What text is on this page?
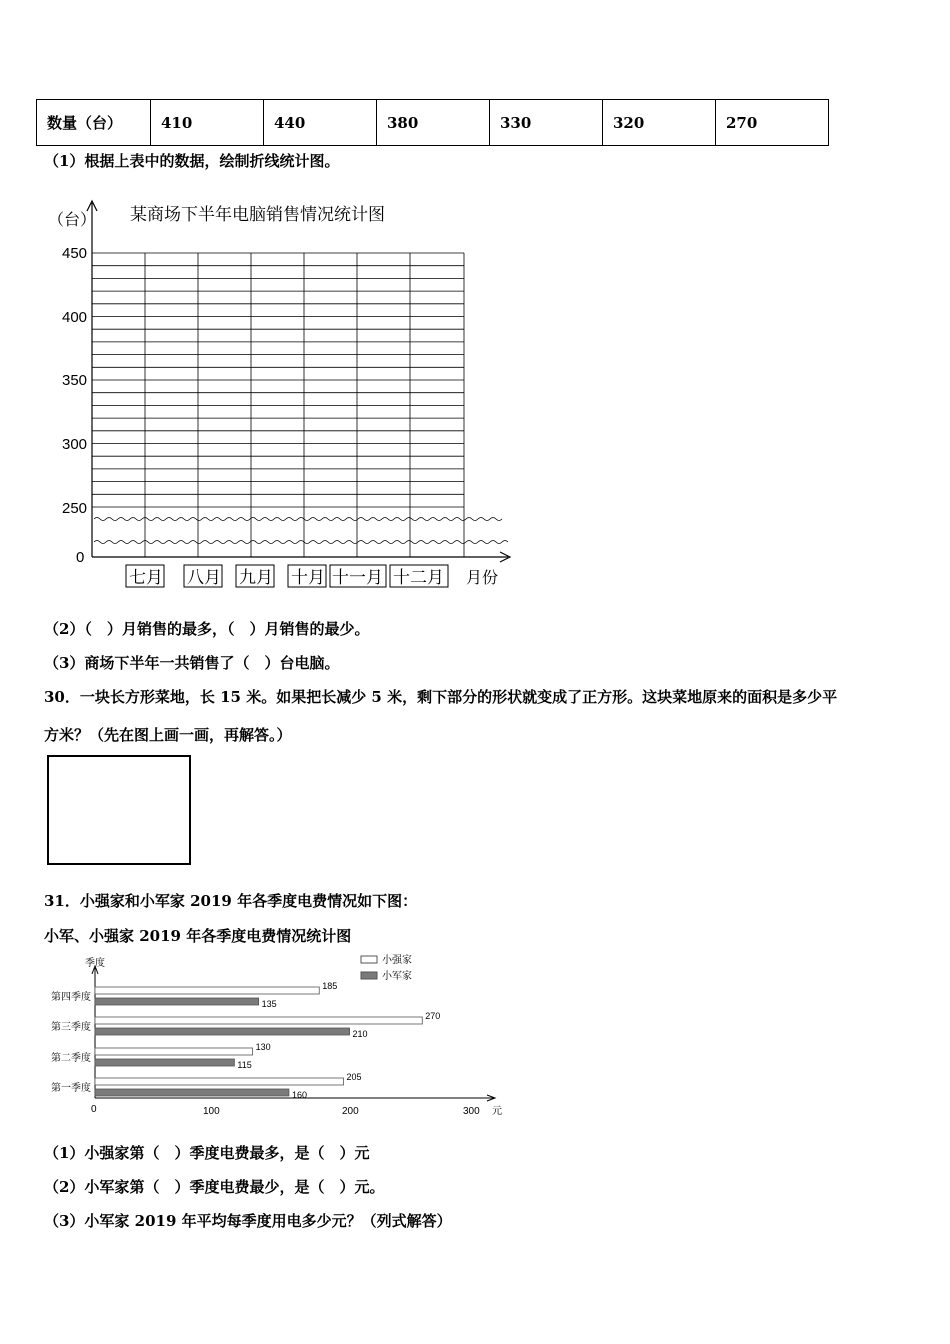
数量（台）	410	440	380	330	320	270
（1）根据上表中的数据，绘制折线统计图。
某商场下半年电脑销售情况统计图
（台）
450
400
350
300
250
0
七月 八月 九月 十月 十一月 十二月 月份
（2）（　）月销售的最多，（　）月销售的最少。
（3）商场下半年一共销售了（　）台电脑。
30．一块长方形菜地，长 15 米。如果把长减少 5 米，剩下部分的形状就变成了正方形。这块菜地原来的面积是多少平
方米？（先在图上画一画，再解答。）
31．小强家和小军家 2019 年各季度电费情况如下图：
小军、小强家 2019 年各季度电费情况统计图
季度	小强家
小军家
第四季度
第三季度
第二季度
第一季度
185
135
270
210
130
115
205
160
0	100	200	300 元
（1）小强家第（　）季度电费最多，是（　）元
（2）小军家第（　）季度电费最少，是（　）元。
（3）小军家 2019 年平均每季度用电多少元？（列式解答）
